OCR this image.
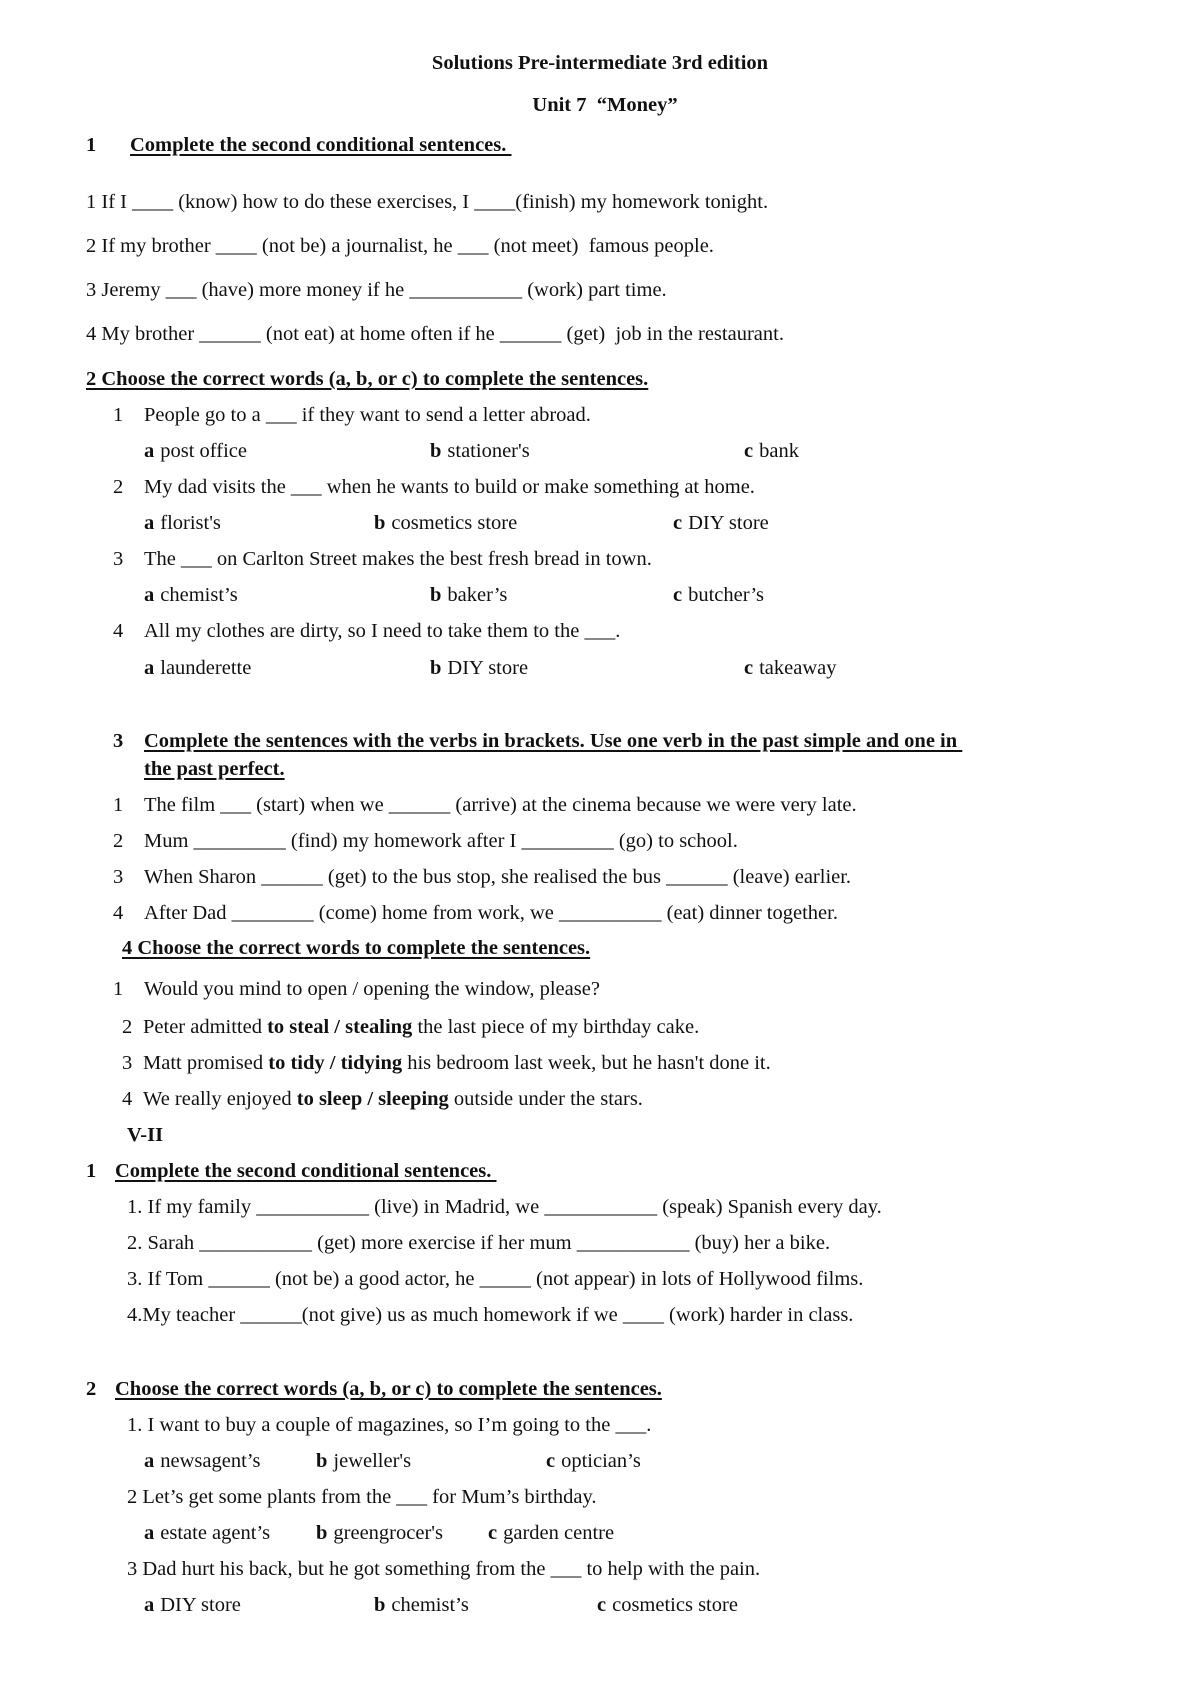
Solutions Pre-intermediate 3rd edition
Unit 7  “Money”
1 Complete the second conditional sentences.
1 If I ____ (know) how to do these exercises, I ____(finish) my homework tonight.
2 If my brother ____ (not be) a journalist, he ___ (not meet)  famous people.
3 Jeremy ___ (have) more money if he ___________ (work) part time.
4 My brother ______ (not eat) at home often if he ______ (get)  job in the restaurant.
2 Choose the correct words (a, b, or c) to complete the sentences.
1 People go to a ___ if they want to send a letter abroad.
a post office	b stationer's	c bank
2 My dad visits the ___ when he wants to build or make something at home.
a florist's	b cosmetics store	c DIY store
3 The ___ on Carlton Street makes the best fresh bread in town.
a chemist’s	b baker’s	c butcher’s
4 All my clothes are dirty, so I need to take them to the ___.
a launderette	b DIY store	c takeaway
3 Complete the sentences with the verbs in brackets. Use one verb in the past simple and one in
the past perfect.
1 The film ___ (start) when we ______ (arrive) at the cinema because we were very late.
2 Mum _________ (find) my homework after I _________ (go) to school.
3 When Sharon ______ (get) to the bus stop, she realised the bus ______ (leave) earlier.
4 After Dad ________ (come) home from work, we __________ (eat) dinner together.
4 Choose the correct words to complete the sentences.
1 Would you mind to open / opening the window, please?
2 Peter admitted to steal / stealing the last piece of my birthday cake.
3 Matt promised to tidy / tidying his bedroom last week, but he hasn't done it.
4 We really enjoyed to sleep / sleeping outside under the stars.
V-II
1 Complete the second conditional sentences.
1. If my family ___________ (live) in Madrid, we ___________ (speak) Spanish every day.
2. Sarah ___________ (get) more exercise if her mum ___________ (buy) her a bike.
3. If Tom ______ (not be) a good actor, he _____ (not appear) in lots of Hollywood films.
4.My teacher ______(not give) us as much homework if we ____ (work) harder in class.
2 Choose the correct words (a, b, or c) to complete the sentences.
1. I want to buy a couple of magazines, so I’m going to the ___.
a newsagent’s	b jeweller's	c optician’s
2 Let’s get some plants from the ___ for Mum’s birthday.
a estate agent’s b greengrocer's c garden centre
3 Dad hurt his back, but he got something from the ___ to help with the pain.
a DIY store	b chemist’s	c cosmetics store
